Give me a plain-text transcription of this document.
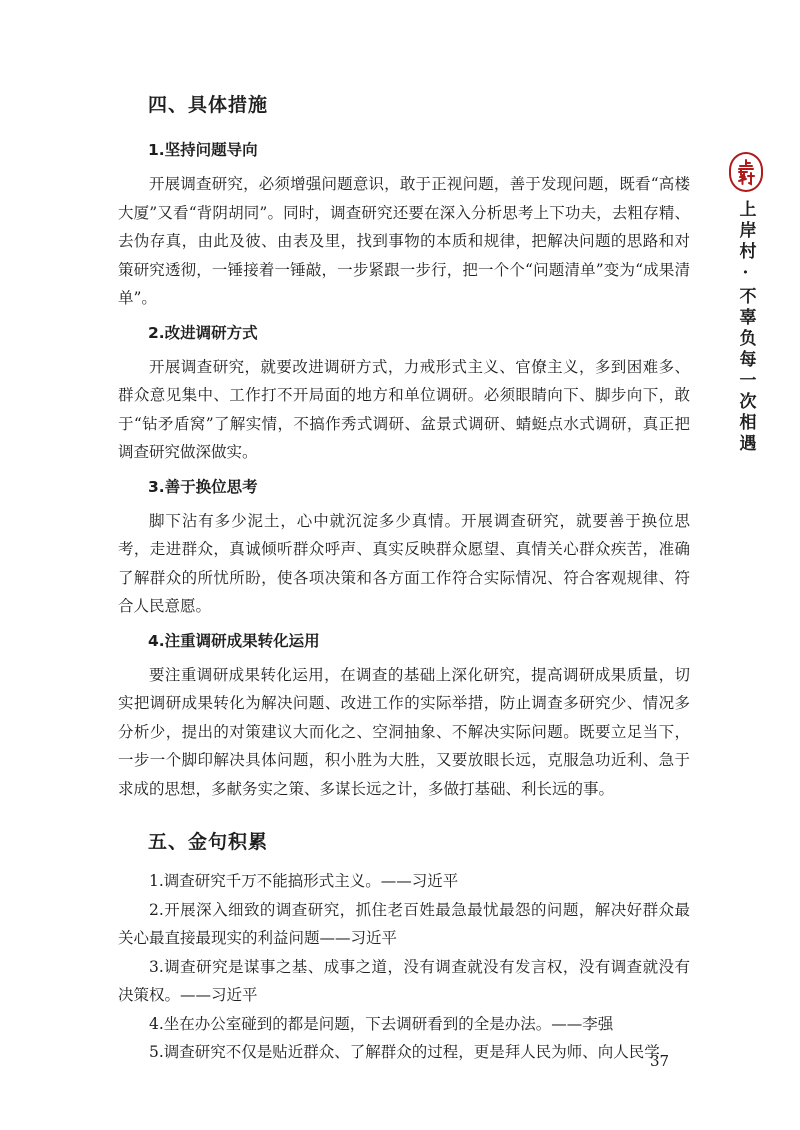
四、具体措施
1.坚持问题导向

开展调查研究，必须增强问题意识，敢于正视问题，善于发现问题，既看“高楼大厦”又看“背阴胡同”。同时，调查研究还要在深入分析思考上下功夫，去粗存精、去伪存真，由此及彼、由表及里，找到事物的本质和规律，把解决问题的思路和对策研究透彻，一锤接着一锤敲，一步紧跟一步行，把一个个“问题清单”变为“成果清单”。

2.改进调研方式

开展调查研究，就要改进调研方式，力戒形式主义、官僚主义，多到困难多、群众意见集中、工作打不开局面的地方和单位调研。必须眼睛向下、脚步向下，敢于“钻矛盾窝”了解实情，不搞作秀式调研、盆景式调研、蜻蜓点水式调研，真正把调查研究做深做实。

3.善于换位思考

脚下沾有多少泥土，心中就沉淀多少真情。开展调查研究，就要善于换位思考，走进群众，真诚倾听群众呼声、真实反映群众愿望、真情关心群众疾苦，准确了解群众的所忧所盼，使各项决策和各方面工作符合实际情况、符合客观规律、符合人民意愿。

4.注重调研成果转化运用

要注重调研成果转化运用，在调查的基础上深化研究，提高调研成果质量，切实把调研成果转化为解决问题、改进工作的实际举措，防止调查多研究少、情况多分析少，提出的对策建议大而化之、空洞抽象、不解决实际问题。既要立足当下，一步一个脚印解决具体问题，积小胜为大胜，又要放眼长远，克服急功近利、急于求成的思想，多献务实之策、多谋长远之计，多做打基础、利长远的事。

五、金句积累

1.调查研究千万不能搞形式主义。——习近平

2.开展深入细致的调查研究，抓住老百姓最急最忧最怨的问题，解决好群众最关心最直接最现实的利益问题——习近平

3.调查研究是谋事之基、成事之道，没有调查就没有发言权，没有调查就没有决策权。——习近平

4.坐在办公室碰到的都是问题，下去调研看到的全是办法。——李强

5.调查研究不仅是贴近群众、了解群众的过程，更是拜人民为师、向人民学

上岸村·不辜负每一次相遇
37
